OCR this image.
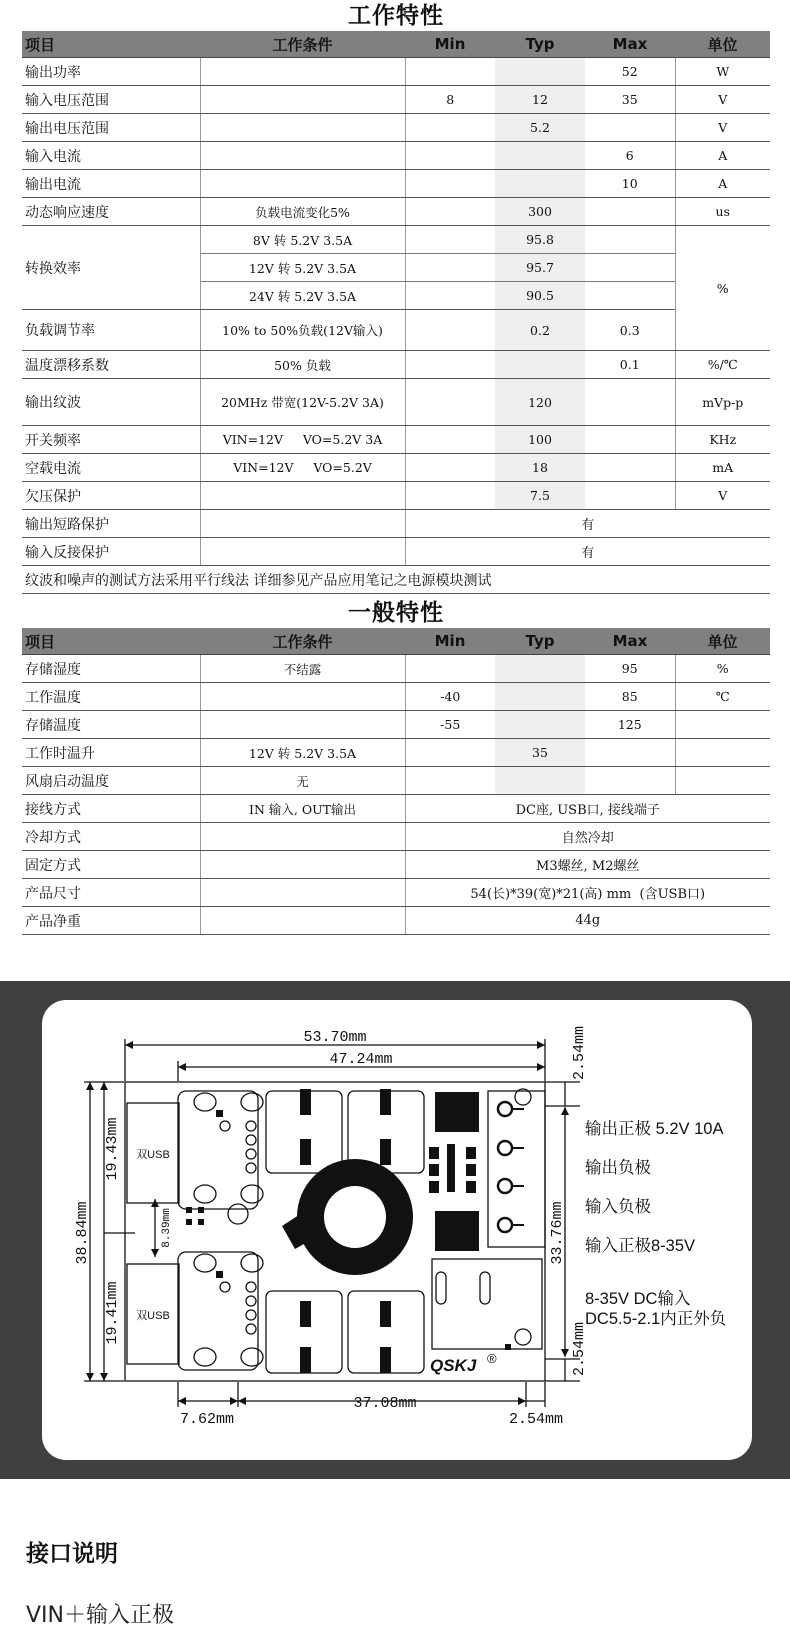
工作特性
项目	工作条件	Min	Typ	Max	单位
输出功率				52	W
输入电压范围		8	12	35	V
输出电压范围			5.2		V
输入电流				6	A
输出电流				10	A
动态响应速度	负载电流变化5%		300		us
转换效率	8V 转 5.2V 3.5A		95.8		%
	12V 转 5.2V 3.5A		95.7		
	24V 转 5.2V 3.5A		90.5		
负载调节率	10% to 50%负载(12V输入)		0.2	0.3	
温度漂移系数	50% 负载			0.1	%/℃
输出纹波	20MHz 带宽(12V-5.2V 3A)		120		mVp-p
开关频率	VIN=12V     VO=5.2V 3A		100		KHz
空载电流	VIN=12V     VO=5.2V		18		mA
欠压保护			7.5		V
输出短路保护		有			
输入反接保护		有			
纹波和噪声的测试方法采用平行线法 详细参见产品应用笔记之电源模块测试					
一般特性
项目	工作条件	Min	Typ	Max	单位
存储湿度	不结露			95	%
工作温度		-40		85	℃
存储温度		-55		125	
工作时温升	12V 转 5.2V 3.5A		35		
风扇启动温度	无				
接线方式	IN 输入, OUT输出	DC座, USB口, 接线端子			
冷却方式		自然冷却			
固定方式		M3螺丝, M2螺丝			
产品尺寸		54(长)*39(宽)*21(高) mm  (含USB口)			
产品净重		44g			
53.70mm
47.24mm
37.08mm
7.62mm	2.54mm
38.84mm
19.43mm
19.41mm
8.39mm	33.76mm
2.54mm
2.54mm
双USB
双USB
QSKJ ®
输出正极 5.2V 10A
输出负极
输入负极
输入正极8-35V
8-35V DC输入
DC5.5-2.1内正外负
接口说明
VIN＋输入正极
